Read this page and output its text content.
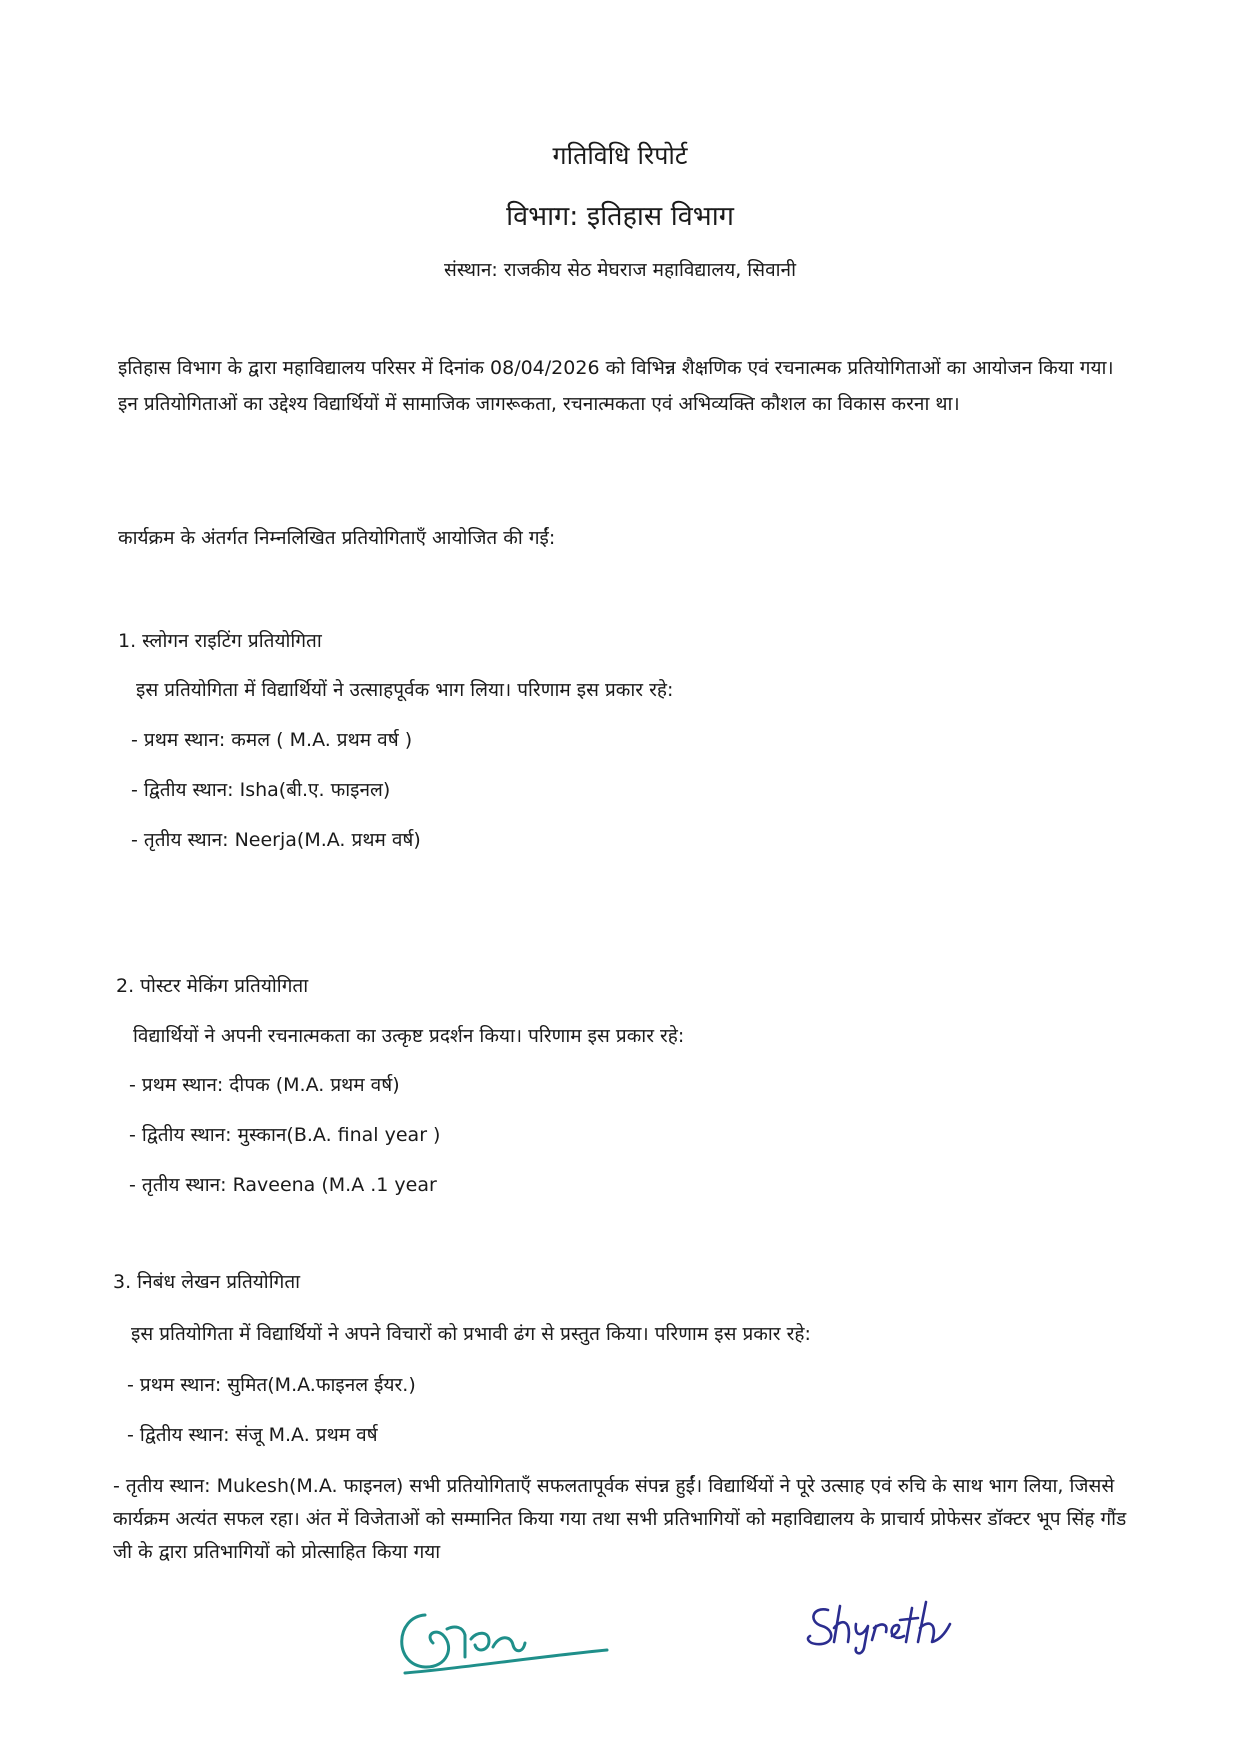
गतिविधि रिपोर्ट
विभाग: इतिहास विभाग
संस्थान: राजकीय सेठ मेघराज महाविद्यालय, सिवानी

इतिहास विभाग के द्वारा महाविद्यालय परिसर में दिनांक 08/04/2026 को विभिन्न शैक्षणिक एवं रचनात्मक प्रतियोगिताओं का आयोजन किया गया। इन प्रतियोगिताओं का उद्देश्य विद्यार्थियों में सामाजिक जागरूकता, रचनात्मकता एवं अभिव्यक्ति कौशल का विकास करना था।

कार्यक्रम के अंतर्गत निम्नलिखित प्रतियोगिताएँ आयोजित की गईं:

1. स्लोगन राइटिंग प्रतियोगिता

इस प्रतियोगिता में विद्यार्थियों ने उत्साहपूर्वक भाग लिया। परिणाम इस प्रकार रहे:

- प्रथम स्थान: कमल ( M.A. प्रथम वर्ष )

- द्वितीय स्थान: Isha(बी.ए. फाइनल)

- तृतीय स्थान: Neerja(M.A. प्रथम वर्ष)

2. पोस्टर मेकिंग प्रतियोगिता

विद्यार्थियों ने अपनी रचनात्मकता का उत्कृष्ट प्रदर्शन किया। परिणाम इस प्रकार रहे:

- प्रथम स्थान: दीपक (M.A. प्रथम वर्ष)

- द्वितीय स्थान: मुस्कान(B.A. final year )

- तृतीय स्थान: Raveena (M.A .1 year

3. निबंध लेखन प्रतियोगिता

इस प्रतियोगिता में विद्यार्थियों ने अपने विचारों को प्रभावी ढंग से प्रस्तुत किया। परिणाम इस प्रकार रहे:

- प्रथम स्थान: सुमित(M.A.फाइनल ईयर.)

- द्वितीय स्थान: संजू M.A. प्रथम वर्ष

- तृतीय स्थान: Mukesh(M.A. फाइनल) सभी प्रतियोगिताएँ सफलतापूर्वक संपन्न हुईं। विद्यार्थियों ने पूरे उत्साह एवं रुचि के साथ भाग लिया, जिससे कार्यक्रम अत्यंत सफल रहा। अंत में विजेताओं को सम्मानित किया गया तथा सभी प्रतिभागियों को महाविद्यालय के प्राचार्य प्रोफेसर डॉक्टर भूप सिंह गौंड जी के द्वारा प्रतिभागियों को प्रोत्साहित किया गया
